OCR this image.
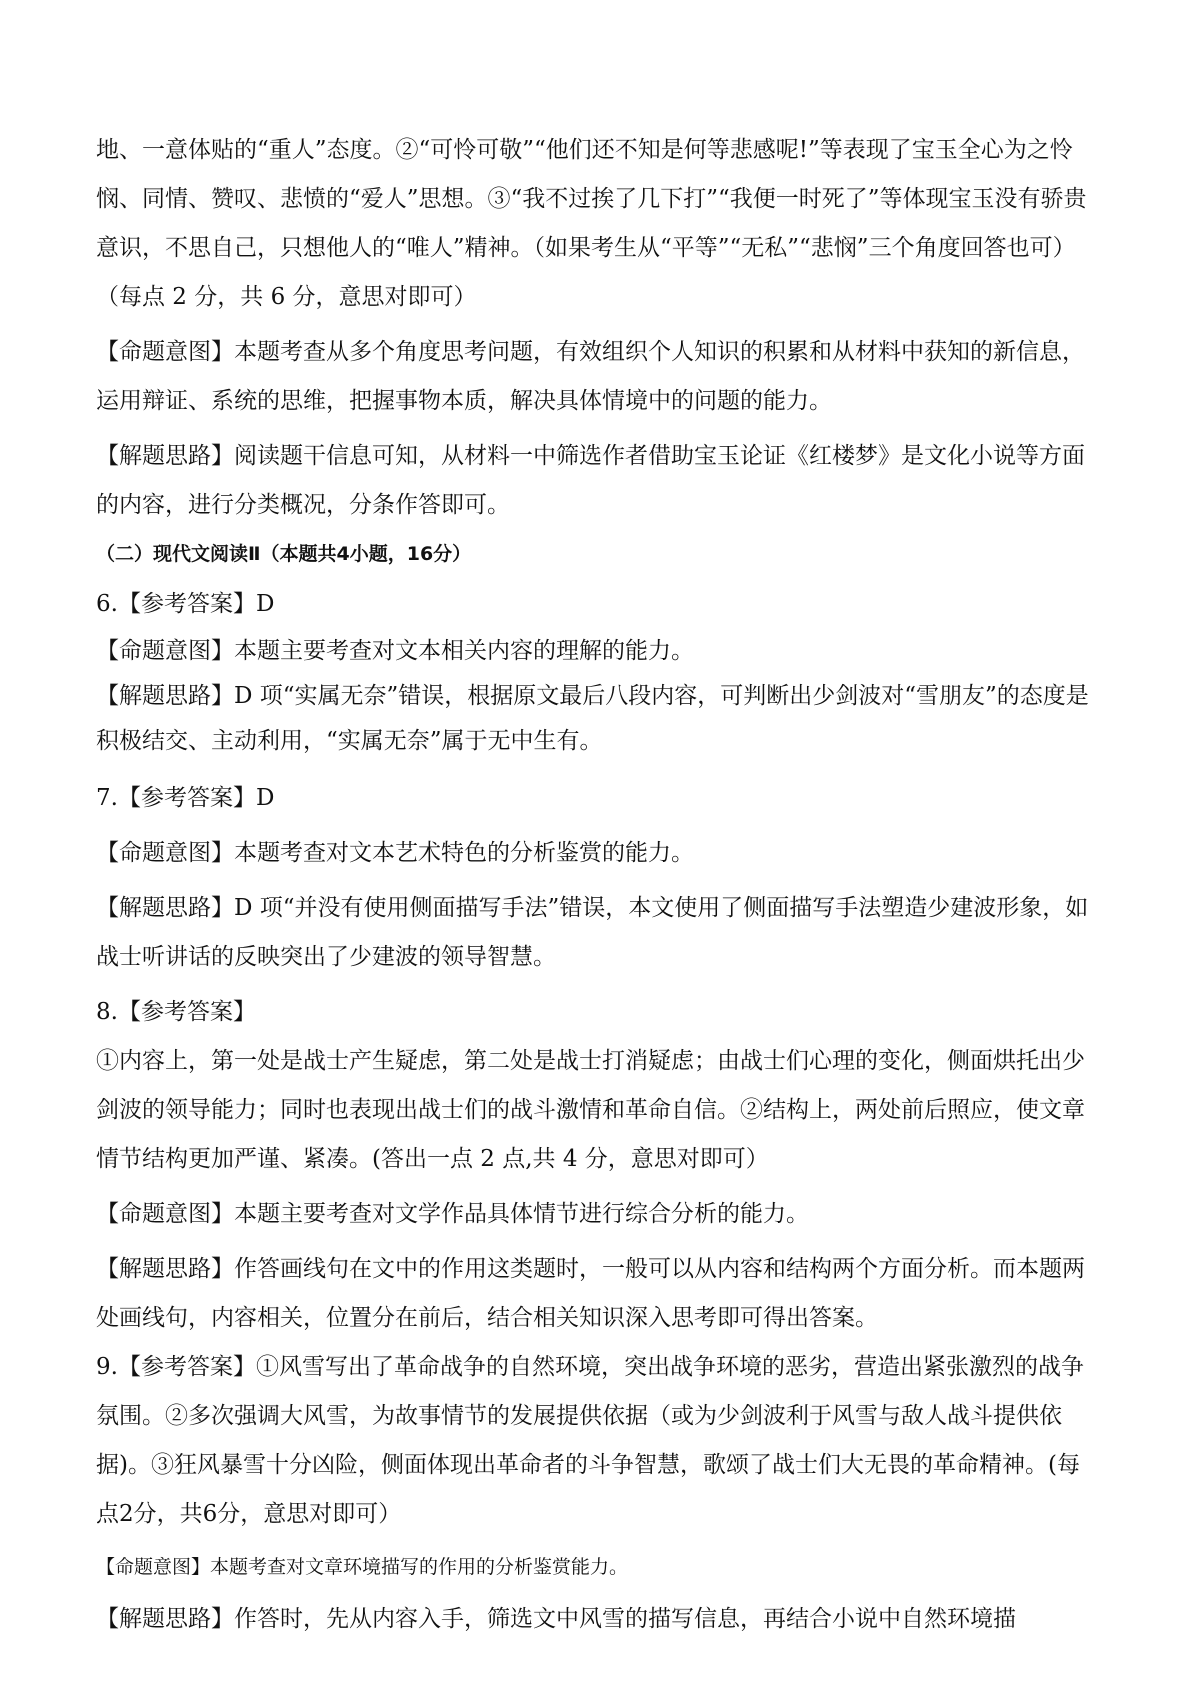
地、一意体贴的“重人”态度。②“可怜可敬”“他们还不知是何等悲感呢!”等表现了宝玉全心为之怜悯、同情、赞叹、悲愤的“爱人”思想。③“我不过挨了几下打”“我便一时死了”等体现宝玉没有骄贵意识，不思自己，只想他人的“唯人”精神。（如果考生从“平等”“无私”“悲悯”三个角度回答也可）（每点 2 分，共 6 分，意思对即可）

【命题意图】本题考查从多个角度思考问题，有效组织个人知识的积累和从材料中获知的新信息，运用辩证、系统的思维，把握事物本质，解决具体情境中的问题的能力。

【解题思路】阅读题干信息可知，从材料一中筛选作者借助宝玉论证《红楼梦》是文化小说等方面的内容，进行分类概况，分条作答即可。

（二）现代文阅读Ⅱ（本题共4小题，16分）

6.【参考答案】D

【命题意图】本题主要考查对文本相关内容的理解的能力。

【解题思路】D 项“实属无奈”错误，根据原文最后八段内容，可判断出少剑波对“雪朋友”的态度是积极结交、主动利用，“实属无奈”属于无中生有。

7.【参考答案】D

【命题意图】本题考查对文本艺术特色的分析鉴赏的能力。

【解题思路】D 项“并没有使用侧面描写手法”错误，本文使用了侧面描写手法塑造少建波形象，如战士听讲话的反映突出了少建波的领导智慧。

8.【参考答案】

①内容上，第一处是战士产生疑虑，第二处是战士打消疑虑；由战士们心理的变化，侧面烘托出少剑波的领导能力；同时也表现出战士们的战斗激情和革命自信。②结构上，两处前后照应，使文章情节结构更加严谨、紧凑。(答出一点 2 点,共 4 分，意思对即可）

【命题意图】本题主要考查对文学作品具体情节进行综合分析的能力。

【解题思路】作答画线句在文中的作用这类题时，一般可以从内容和结构两个方面分析。而本题两处画线句，内容相关，位置分在前后，结合相关知识深入思考即可得出答案。

9.【参考答案】①风雪写出了革命战争的自然环境，突出战争环境的恶劣，营造出紧张激烈的战争氛围。②多次强调大风雪，为故事情节的发展提供依据（或为少剑波利于风雪与敌人战斗提供依据)。③狂风暴雪十分凶险，侧面体现出革命者的斗争智慧，歌颂了战士们大无畏的革命精神。(每点2分，共6分，意思对即可）

【命题意图】本题考查对文章环境描写的作用的分析鉴赏能力。

【解题思路】作答时，先从内容入手，筛选文中风雪的描写信息，再结合小说中自然环境描
